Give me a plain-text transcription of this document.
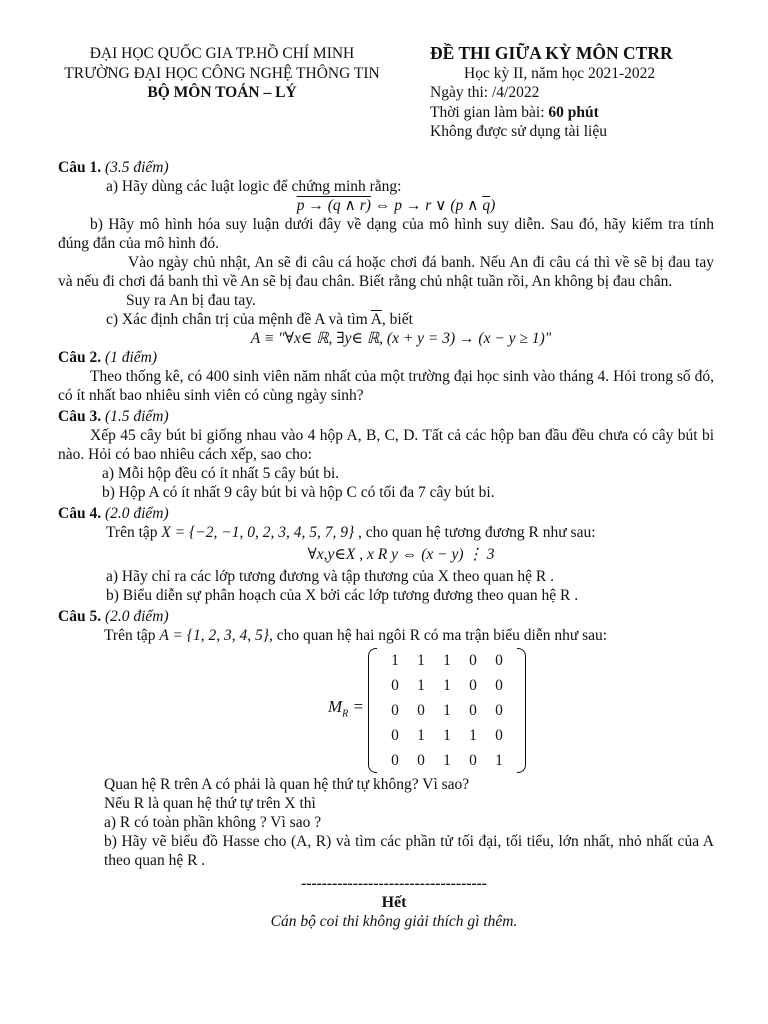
ĐẠI HỌC QUỐC GIA TP.HỒ CHÍ MINH
TRƯỜNG ĐẠI HỌC CÔNG NGHỆ THÔNG TIN
BỘ MÔN TOÁN – LÝ
ĐỀ THI GIỮA KỲ MÔN CTRR
Học kỳ II, năm học 2021-2022
Ngày thi: /4/2022
Thời gian làm bài: 60 phút
Không được sử dụng tài liệu

Câu 1. (3.5 điểm)

a) Hãy dùng các luật logic để chứng minh rằng:

p → (q ∧ r) ⇔ p → r ∨ (p ∧ $\overline{q}$)

b) Hãy mô hình hóa suy luận dưới đây về dạng của mô hình suy diễn. Sau đó, hãy kiểm tra tính đúng đắn của mô hình đó.

Vào ngày chủ nhật, An sẽ đi câu cá hoặc chơi đá banh. Nếu An đi câu cá thì về sẽ bị đau tay và nếu đi chơi đá banh thì về An sẽ bị đau chân. Biết rằng chủ nhật tuần rồi, An không bị đau chân.

Suy ra An bị đau tay.

c) Xác định chân trị của mệnh đề A và tìm $\overline{A}$, biết

A ≡ "∀x∈ ℝ, ∃y∈ ℝ, (x + y = 3) → (x − y ≥ 1)"

Câu 2. (1 điểm)

Theo thống kê, có 400 sinh viên năm nhất của một trường đại học sinh vào tháng 4. Hỏi trong số đó, có ít nhất bao nhiêu sinh viên có cùng ngày sinh?

Câu 3. (1.5 điểm)

Xếp 45 cây bút bi giống nhau vào 4 hộp A, B, C, D. Tất cả các hộp ban đầu đều chưa có cây bút bi nào. Hỏi có bao nhiêu cách xếp, sao cho:

a) Mỗi hộp đều có ít nhất 5 cây bút bi.

b) Hộp A có ít nhất 9 cây bút bi và hộp C có tối đa 7 cây bút bi.

Câu 4. (2.0 điểm)

Trên tập X = {−2, −1, 0, 2, 3, 4, 5, 7, 9} , cho quan hệ tương đương R như sau:

∀x,y∈X , x R y ⇔ (x − y) ⋮ 3

a) Hãy chỉ ra các lớp tương đương và tập thương của X theo quan hệ R .

b) Biểu diễn sự phân hoạch của X bởi các lớp tương đương theo quan hệ R .

Câu 5. (2.0 điểm)

Trên tập A = {1, 2, 3, 4, 5}, cho quan hệ hai ngôi R có ma trận biểu diễn như sau:

$M_R$ =
1	1	1	0	0
0	1	1	0	0
0	0	1	0	0
0	1	1	1	0
0	0	1	0	1

Quan hệ R trên A có phải là quan hệ thứ tự không? Vì sao?

Nếu R là quan hệ thứ tự trên X thì

a) R có toàn phần không ? Vì sao ?

b) Hãy vẽ biểu đồ Hasse cho (A, R) và tìm các phần tử tối đại, tối tiểu, lớn nhất, nhỏ nhất của A theo quan hệ R .

------------------------------------

Hết

Cán bộ coi thi không giải thích gì thêm.
